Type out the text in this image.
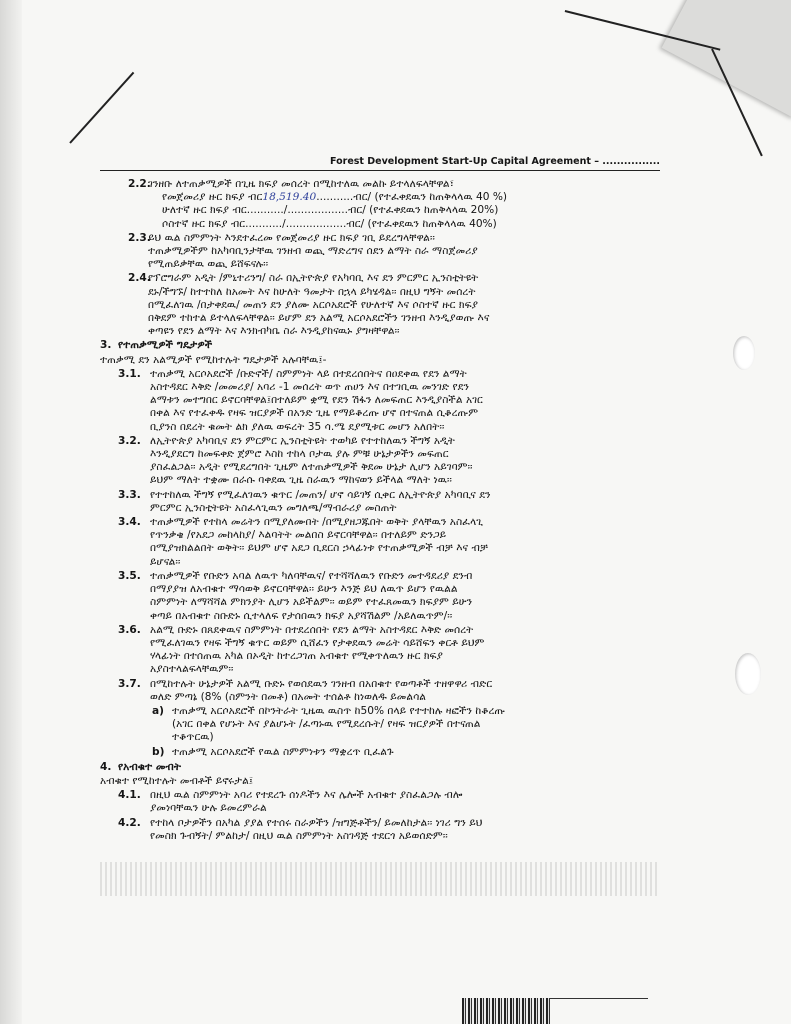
Forest Development Start-Up Capital Agreement – ................
2.2.
ገንዘቡ ለተጠቃሚዎች በጊዜ ክፍያ መሰረት በሚከተለዉ መልኩ ይተላለፍላቸዋል፣
የመጀመሪያ ዙር ክፍያ ብር18,519.40...........ብር/ (የተፈቀደዉን ከጠቅላላዉ 40 %)
ሁለተኛ ዙር ክፍያ ብር.........../..................ብር/ (የተፈቀደዉን ከጠቅላላዉ 20%)
ሶስተኛ ዙር ክፍያ ብር.........../..................ብር/ (የተፈቀደዉን ከጠቅላላዉ 40%)
2.3.
ይህ ዉል ስምምነት እንደተፈረመ የመጀመሪያ ዙር ክፍያ ገቢ ይደረግላቸዋል፡፡
ተጠቃሚዎችም ከአካባቢንታቸዉ ገንዘብ ወጪ ማድረግና ሰደን ልማት ስራ ማስጀመሪያ
የሚጠይቃቸዉ ወጪ ይሸፍናሉ፡፡
2.4.
የፕሮግራም አዲት /ምኒተሪንግ/ ስራ በኢትዮጵያ የአካባቢ እና ደን ምርምር ኢንስቲትዩት
ደኑ/ችግኙ/ ከተተከለ ከአመት እና ከሁለት ዓመታት በኋላ ይካሄዳል፡፡ በዚህ ግኝት መሰረት
በሚፈለገዉ /በታቀደዉ/ መጠን ደን ያለሙ አርሶአደሮች የሁለተኛ እና ሶስተኛ ዙር ክፍያ
በቅደም ተከተል ይተላለፍላቸዋል፡፡ ይሆም ደን አልሚ አርሶአደሮችን ገንዘብ እንዲያወጡ እና
ቀጣዩን የደን ልማት እና እንክብካቤ ስራ እንዲያከናዉኑ ያግዛቸዋል፡፡
3. የተጠቃሚዎች ግዴታዎች
ተጠቃሚ ደን አልሚዎች የሚከተሉት ግዴታዎች አሉባቸዉ፤-
3.1. ተጠቃሚ አርሶአደሮች /ቡድኖች/ ስምምነት ላይ በተደረሰበትና በዐደቀዉ የደን ልማት
አስተዳደር እቅድ /መመሪያ/ አባሪ -1 መሰረት ወጥ ጠሀን እና በተገቢዉ መንገድ የደን
ልማቱን መተግበር ይኖርባቸዋል፤በተለይም ቋሚ የደን ሽፋን ለመፍጠር እንዲያስችል አገር
በቀል እና የተፈቀዱ የዛፍ ዝርያዎች በአንድ ጊዜ የማይቆረጡ ሆኖ በተናጠል ሲቆረጡም
ቢያንስ በደረት ቁመት ልክ ያለዉ ወፍረት 35 ሳ.ሜ ደያሚቱር መሆን አለበት፡፡
3.2. ለኢትዮጵያ አካባቢና ደን ምርምር ኢንስቲትዩት ተወካይ የተተከለዉን ችግኝ አዲት
እንዲያደርግ ከመፍቀድ ጀምሮ እስከ ተከላ ቦታዉ ያሉ ምቹ ሁኔታዎችን መፍጠር
ያስፈልጋል፡፡ አዲት የሚደረግበት ጊዜም ለተጠቃሚዎች ቅደመ ሁኔታ ሊሆን አይገባም፡፡
ይህም ማለት ተቋሙ በራሱ ባቀደዉ ጊዜ ስራዉን ማከናወን ይችላል ማለት ነዉ፡፡
3.3. የተተከለዉ ችግኝ የሚፈለገዉን ቁጥር /መጠን/ ሆኖ ሳይገኝ ሲቀር ለኢትዮጵያ አካባቢና ደን
ምርምር ኢንስቲትዩት አስፈላጊዉን መግለጫ/ማብራሪያ መስጠት
3.4. ተጠቃሚዎች የተከላ መሬትን በሚያለሙበት /በሚያዘጋጁበት ወቅት ያላቸዉን አስፈላጊ
የጥንቃቄ /የአደጋ መከላከያ/ እልባትት መልበስ ይኖርባቸዋል፡፡ በተለይም ድንጋይ
በሚያዝክልልበት ወቅት፡፡ ይህም ሆኖ አደጋ ቢደርስ ኃላፊነቱ የተጠቃሚዎች ብቻ እና ብቻ
ይሆናል፡፡
3.5. ተጠቃሚዎች የቡድን አባል ለዉጥ ካለባቸዉና/ የተሻሻለዉን የቡድን መተዳደሪያ ደንብ
በማያያዝ ለአብቁተ ማሳወቅ ይኖርባቸዋል፡፡ ይሁን እንጅ ይህ ለዉጥ ይሆን የዉልል
ስምምነት ለማሻሻል ምክንያት ሊሆን አይችልም፡፡ ወይም የተፈጸመዉን ክፍያም ይሁን
ቀጣይ በአብቁተ ስቡድኑ ሲተላለፍ የታሰበዉን ክፍያ አያሻሽልም /አይለዉጥም/፡፡
3.6. አልሚ ቡድኑ በጸደቀዉና ስምምነት በተደረሰበት የደን ልማት አስተዳደር እቅድ መሰረት
የሚፈለገዉን የዛፍ ችግኝ ቁጥር ወይም ሲሸፈን የታቀደዉን መሬት ሳይሸፍን ቀርቶ ይህም
ሃላፊነት በተሰጠዉ አካል በኦዲት ከተረጋገጠ አብቁተ የሚቀጥለዉን ዙር ክፍያ
አያስተላልፍላቸዉም፡፡
3.7. በሚከተሉት ሁኔታዎች አልሚ ቡድኑ የወሰደዉን ገንዘብ በአበቁተ የወጣቶች ተዘዋዋሪ ብድር
ወለድ ምጣኔ (8% (ስምንት በመቶ) በአመት ተሰልቶ ከነወለዱ ይመልሳል
a) ተጠቃሚ አርሶአደሮች በኮንትራት ጊዜዉ ዉስጥ ከ50% በላይ የተተከሉ ዛፎችን ከቆረጡ
(አገር በቀል የሆኑት እና ያልሆኑት /ፈጣኑዉ የሚደረሱት/ የዛፍ ዝርያዎች በተናጠል
ተቆጥርዉ)
b) ተጠቃሚ አርሶአደሮች የዉል ስምምነቱን ማቋረጥ ቢፈልጉ
4. የአብቁተ መብት
አብቁተ የሚከተሉት መብቶች ይኖሩታል፤
4.1. በዚህ ዉል ስምምነት አባሪ የተደረጉ ሰነዶችን እና ሌሎች አብቁተ ያስፈልጋሉ ብሎ
ያመነባቸዉን ሁሉ ይመረምራል
4.2. የተከላ ቦታዎችን በአካል ያያል የተሰሩ ስራዎችን /ዝግጅቶችን/ ይመለከታል፡፡ ነገሪ ግን ይህ
የመስክ ጉብኝት/ ምልከታ/ በዚህ ዉል ስምምነት አስገዳጅ ተደርጎ አይወሰድም፡፡
